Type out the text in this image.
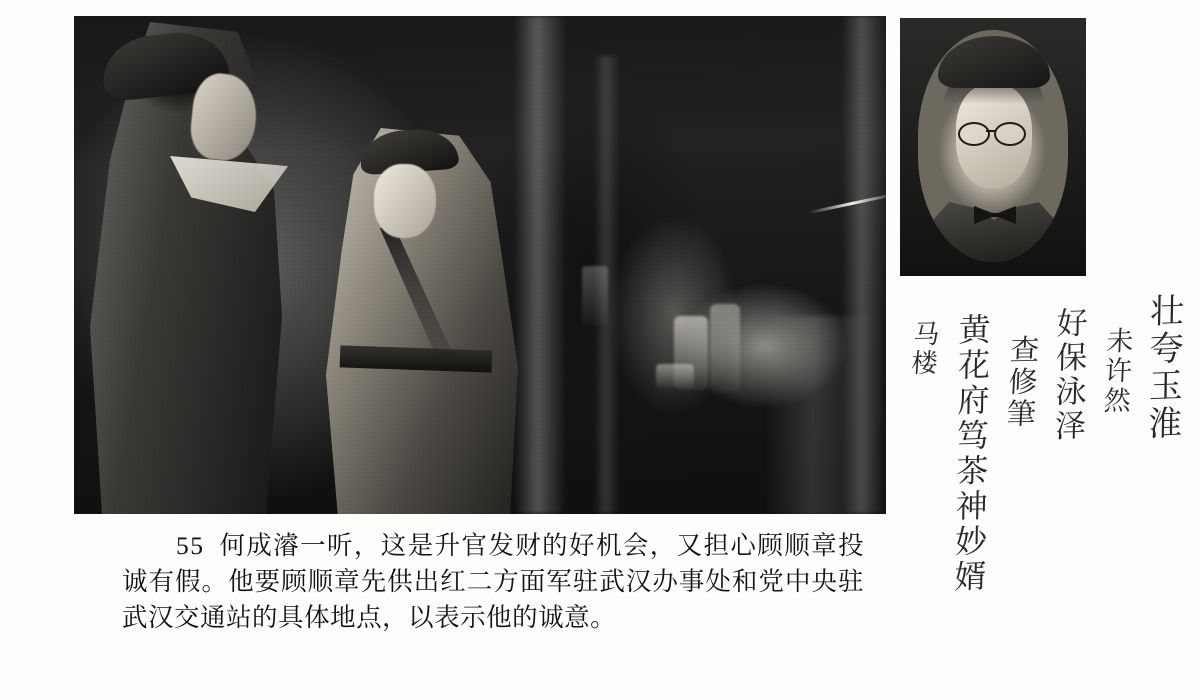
壮夸玉淮
未许然
好保泳泽
查修筆
黄花府笃茶神妙婿
马楼
55 何成濬一听，这是升官发财的好机会，又担心顾顺章投诚有假。他要顾顺章先供出红二方面军驻武汉办事处和党中央驻武汉交通站的具体地点，以表示他的诚意。
